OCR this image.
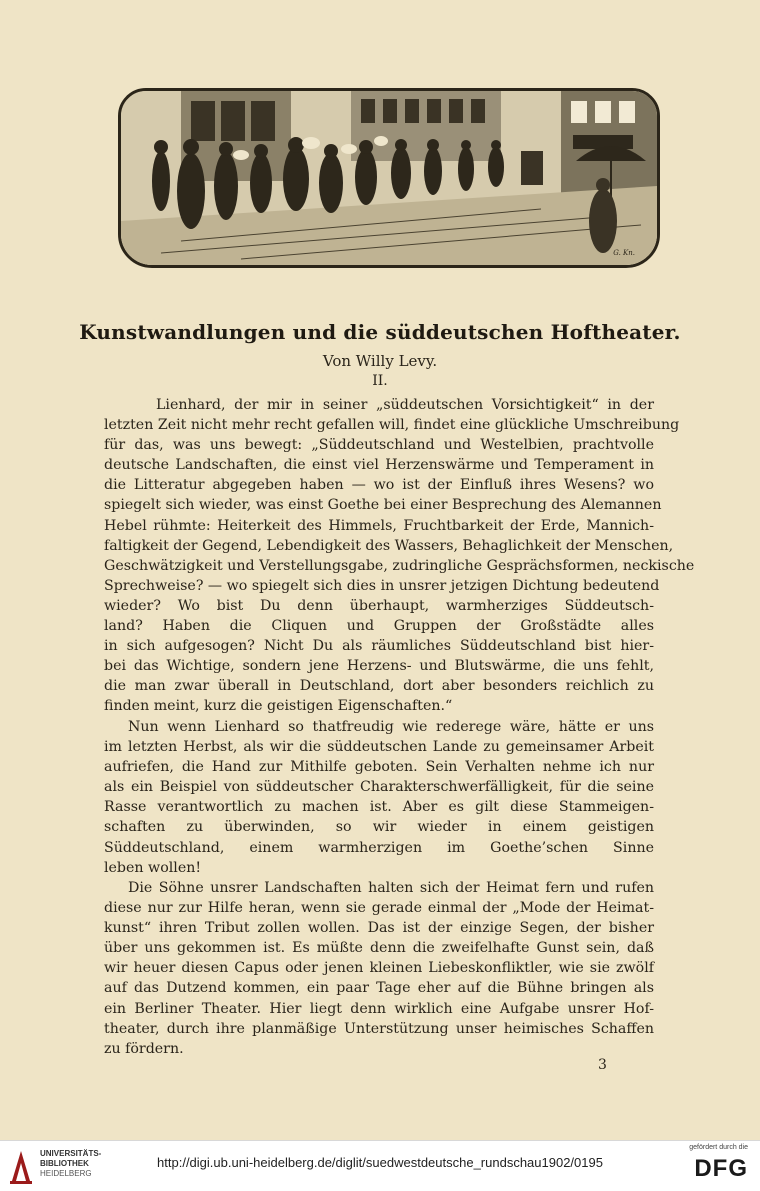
G. Kn.
Kunstwandlungen und die süddeutschen Hoftheater.
Von Willy Levy.
II.
Lienhard, der mir in seiner „süddeutschen Vorsichtigkeit“ in der
letzten Zeit nicht mehr recht gefallen will, findet eine glückliche Umschreibung
für das, was uns bewegt: „Süddeutschland und Westelbien, prachtvolle
deutsche Landschaften, die einst viel Herzenswärme und Temperament in
die Litteratur abgegeben haben — wo ist der Einfluß ihres Wesens? wo
spiegelt sich wieder, was einst Goethe bei einer Besprechung des Alemannen
Hebel rühmte: Heiterkeit des Himmels, Fruchtbarkeit der Erde, Mannich-
faltigkeit der Gegend, Lebendigkeit des Wassers, Behaglichkeit der Menschen,
Geschwätzigkeit und Verstellungsgabe, zudringliche Gesprächsformen, neckische
Sprechweise? — wo spiegelt sich dies in unsrer jetzigen Dichtung bedeutend
wieder? Wo bist Du denn überhaupt, warmherziges Süddeutsch-
land? Haben die Cliquen und Gruppen der Großstädte alles
in sich aufgesogen? Nicht Du als räumliches Süddeutschland bist hier-
bei das Wichtige, sondern jene Herzens- und Blutswärme, die uns fehlt,
die man zwar überall in Deutschland, dort aber besonders reichlich zu
finden meint, kurz die geistigen Eigenschaften.“
Nun wenn Lienhard so thatfreudig wie rederege wäre, hätte er uns
im letzten Herbst, als wir die süddeutschen Lande zu gemeinsamer Arbeit
aufriefen, die Hand zur Mithilfe geboten. Sein Verhalten nehme ich nur
als ein Beispiel von süddeutscher Charakterschwerfälligkeit, für die seine
Rasse verantwortlich zu machen ist. Aber es gilt diese Stammeigen-
schaften zu überwinden, so wir wieder in einem geistigen
Süddeutschland, einem warmherzigen im Goethe’schen Sinne
leben wollen!
Die Söhne unsrer Landschaften halten sich der Heimat fern und rufen
diese nur zur Hilfe heran, wenn sie gerade einmal der „Mode der Heimat-
kunst“ ihren Tribut zollen wollen. Das ist der einzige Segen, der bisher
über uns gekommen ist. Es müßte denn die zweifelhafte Gunst sein, daß
wir heuer diesen Capus oder jenen kleinen Liebeskonfliktler, wie sie zwölf
auf das Dutzend kommen, ein paar Tage eher auf die Bühne bringen als
ein Berliner Theater. Hier liegt denn wirklich eine Aufgabe unsrer Hof-
theater, durch ihre planmäßige Unterstützung unser heimisches Schaffen
zu fördern.
3
UNIVERSITÄTS-
BIBLIOTHEK
HEIDELBERG
http://digi.ub.uni-heidelberg.de/diglit/suedwestdeutsche_rundschau1902/0195
gefördert durch die
DFG
